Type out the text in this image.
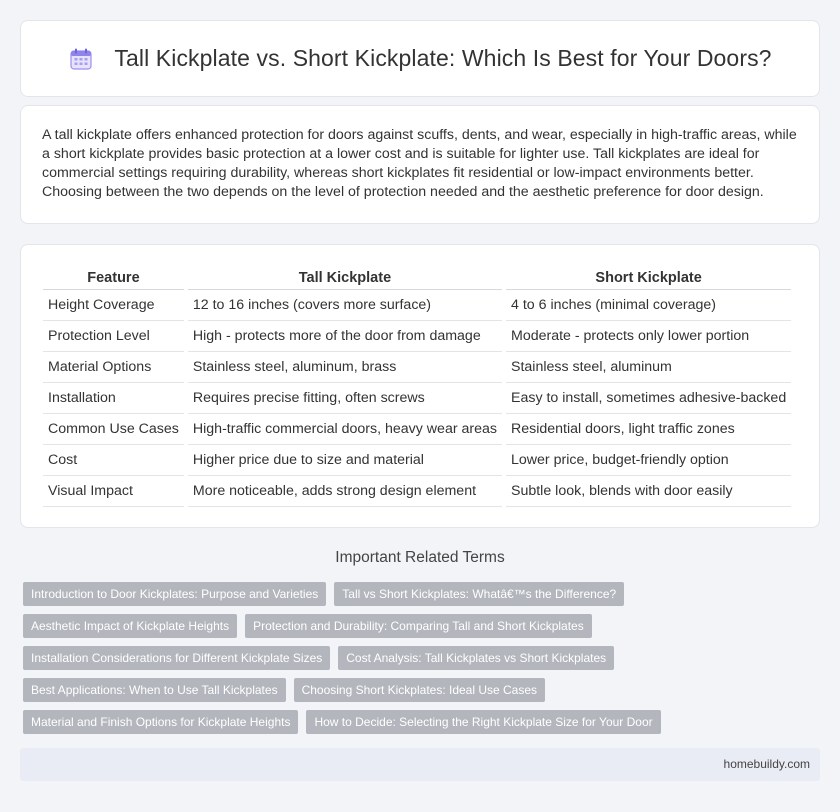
Tall Kickplate vs. Short Kickplate: Which Is Best for Your Doors?

A tall kickplate offers enhanced protection for doors against scuffs, dents, and wear, especially in high-traffic areas, while a short kickplate provides basic protection at a lower cost and is suitable for lighter use. Tall kickplates are ideal for commercial settings requiring durability, whereas short kickplates fit residential or low-impact environments better. Choosing between the two depends on the level of protection needed and the aesthetic preference for door design.

Feature	Tall Kickplate	Short Kickplate
Height Coverage	12 to 16 inches (covers more surface)	4 to 6 inches (minimal coverage)
Protection Level	High - protects more of the door from damage	Moderate - protects only lower portion
Material Options	Stainless steel, aluminum, brass	Stainless steel, aluminum
Installation	Requires precise fitting, often screws	Easy to install, sometimes adhesive-backed
Common Use Cases	High-traffic commercial doors, heavy wear areas	Residential doors, light traffic zones
Cost	Higher price due to size and material	Lower price, budget-friendly option
Visual Impact	More noticeable, adds strong design element	Subtle look, blends with door easily
Important Related Terms
Introduction to Door Kickplates: Purpose and Varieties	Tall vs Short Kickplates: Whatâ€™s the Difference?
Aesthetic Impact of Kickplate Heights	Protection and Durability: Comparing Tall and Short Kickplates
Installation Considerations for Different Kickplate Sizes	Cost Analysis: Tall Kickplates vs Short Kickplates
Best Applications: When to Use Tall Kickplates	Choosing Short Kickplates: Ideal Use Cases
Material and Finish Options for Kickplate Heights	How to Decide: Selecting the Right Kickplate Size for Your Door
homebuildy.com
